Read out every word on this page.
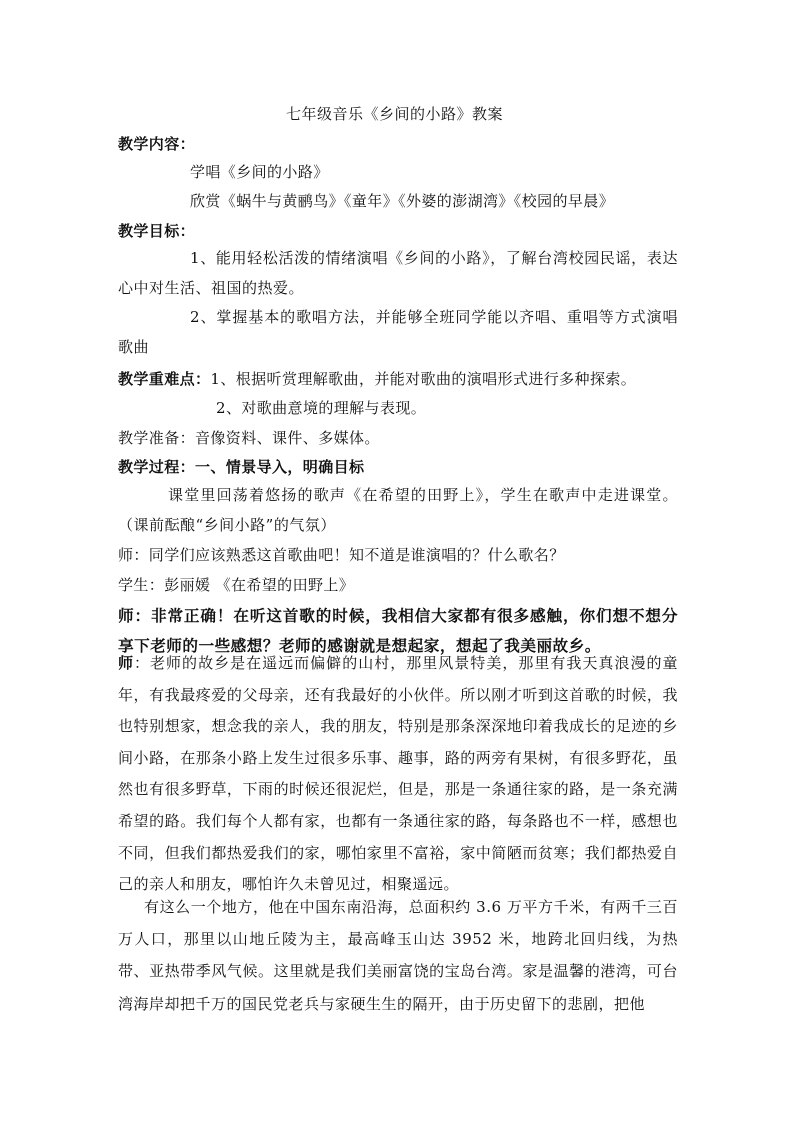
七年级音乐《乡间的小路》教案
教学内容：
学唱《乡间的小路》
欣赏《蜗牛与黄鹂鸟》《童年》《外婆的澎湖湾》《校园的早晨》
教学目标：
1、能用轻松活泼的情绪演唱《乡间的小路》，了解台湾校园民谣，表达心中对生活、祖国的热爱。
2、掌握基本的歌唱方法，并能够全班同学能以齐唱、重唱等方式演唱歌曲
教学重难点：1、根据听赏理解歌曲，并能对歌曲的演唱形式进行多种探索。
2、对歌曲意境的理解与表现。
教学准备：音像资料、课件、多媒体。
教学过程：一、情景导入，明确目标
课堂里回荡着悠扬的歌声《在希望的田野上》，学生在歌声中走进课堂。（课前酝酿“乡间小路”的气氛）
师：同学们应该熟悉这首歌曲吧！知不道是谁演唱的？什么歌名？
学生：彭丽媛 《在希望的田野上》
师：非常正确！在听这首歌的时候，我相信大家都有很多感触，你们想不想分享下老师的一些感想？老师的感谢就是想起家，想起了我美丽故乡。
师：老师的故乡是在遥远而偏僻的山村，那里风景特美，那里有我天真浪漫的童年，有我最疼爱的父母亲，还有我最好的小伙伴。所以刚才听到这首歌的时候，我也特别想家，想念我的亲人，我的朋友，特别是那条深深地印着我成长的足迹的乡间小路，在那条小路上发生过很多乐事、趣事，路的两旁有果树，有很多野花，虽然也有很多野草，下雨的时候还很泥烂，但是，那是一条通往家的路，是一条充满希望的路。我们每个人都有家，也都有一条通往家的路，每条路也不一样，感想也不同，但我们都热爱我们的家，哪怕家里不富裕，家中简陋而贫寒；我们都热爱自己的亲人和朋友，哪怕许久未曾见过，相聚遥远。
有这么一个地方，他在中国东南沿海，总面积约 3.6 万平方千米，有两千三百万人口，那里以山地丘陵为主，最高峰玉山达 3952 米，地跨北回归线，为热带、亚热带季风气候。这里就是我们美丽富饶的宝岛台湾。家是温馨的港湾，可台湾海岸却把千万的国民党老兵与家硬生生的隔开，由于历史留下的悲剧，把他
